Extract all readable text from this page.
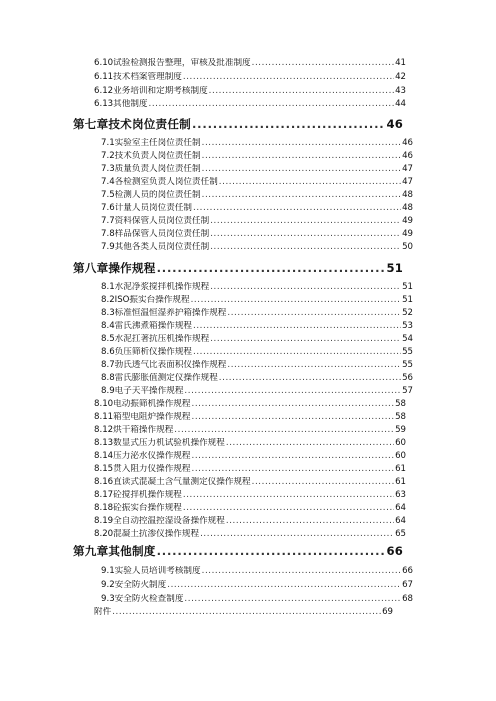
6.10试验检测报告整理，审核及批准制度 .....	41
6.11技术档案管理制度 .....	42
6.12业务培训和定期考核制度 .....	43
6.13其他制度 .....	44
第七章技术岗位责任制 .....	46
7.1实验室主任岗位责任制 .....	46
7.2技术负责人岗位责任制 .....	46
7.3质量负责人岗位责任制 .....	47
7.4各检测室负责人岗位责任制 .....	47
7.5检测人员的岗位责任制 .....	48
7.6计量人员岗位责任制 .....	48
7.7资料保管人员岗位责任制 .....	49
7.8样品保管人员岗位责任制 .....	49
7.9其他各类人员岗位责任制 .....	50
第八章操作规程 .....	51
8.1水泥净浆搅拌机操作规程 .....	51
8.2ISO振实台操作规程 .....	51
8.3标准恒温恒湿养护箱操作规程 .....	52
8.4雷氏沸煮箱操作规程 .....	53
8.5水泥扛著抗压机操作规程 .....	54
8.6负压筛析仪操作规程 .....	55
8.7勃氏透气比表面积仪操作规程 .....	55
8.8雷氏膨胀值测定仪操作规程 .....	56
8.9电子天平操作规程 .....	57
8.10电动振筛机操作规程 .....	58
8.11箱型电阻炉操作规程 .....	58
8.12烘干箱操作规程 .....	59
8.13数显式压力机试验机操作规程 .....	60
8.14压力泌水仪操作规程 .....	60
8.15贯入阻力仪操作规程 .....	61
8.16直读式混凝土含气量测定仪操作规程 .....	61
8.17砼搅拌机操作规程 .....	63
8.18砼振实台操作规程 .....	64
8.19全自动控温控湿设备操作规程 .....	64
8.20混凝土抗渗仪操作规程 .....	65
第九章其他制度 .....	66
9.1实验人员培训考核制度 .....	66
9.2安全防火制度 .....	67
9.3安全防火检查制度 .....	68
附件 .....	69
